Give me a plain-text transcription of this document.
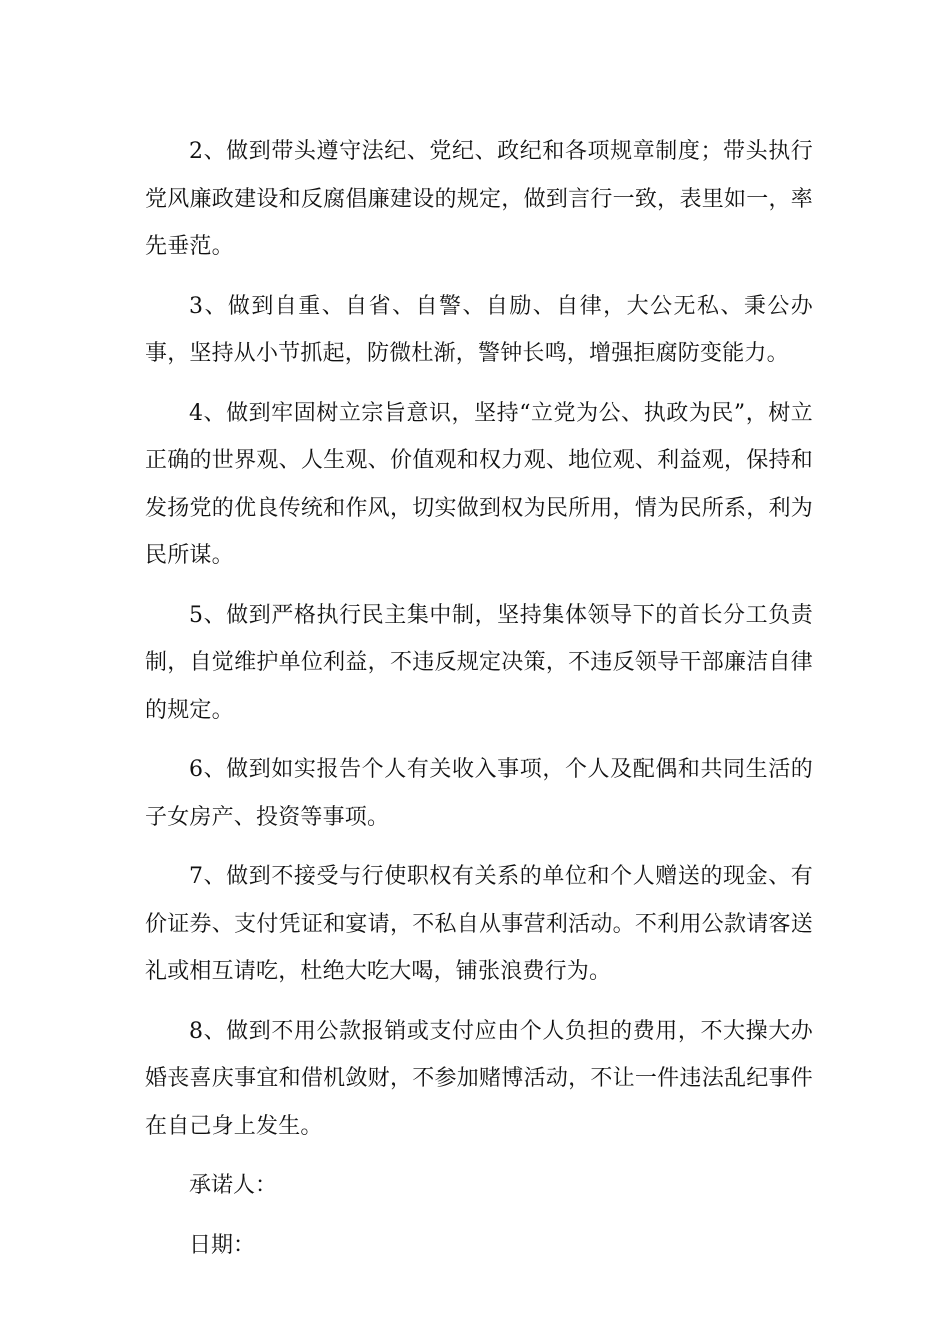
2、做到带头遵守法纪、党纪、政纪和各项规章制度；带头执行党风廉政建设和反腐倡廉建设的规定，做到言行一致，表里如一，率先垂范。

3、做到自重、自省、自警、自励、自律，大公无私、秉公办事，坚持从小节抓起，防微杜渐，警钟长鸣，增强拒腐防变能力。

4、做到牢固树立宗旨意识，坚持“立党为公、执政为民”，树立正确的世界观、人生观、价值观和权力观、地位观、利益观，保持和发扬党的优良传统和作风，切实做到权为民所用，情为民所系，利为民所谋。

5、做到严格执行民主集中制，坚持集体领导下的首长分工负责制，自觉维护单位利益，不违反规定决策，不违反领导干部廉洁自律的规定。

6、做到如实报告个人有关收入事项，个人及配偶和共同生活的子女房产、投资等事项。

7、做到不接受与行使职权有关系的单位和个人赠送的现金、有价证券、支付凭证和宴请，不私自从事营利活动。不利用公款请客送礼或相互请吃，杜绝大吃大喝，铺张浪费行为。

8、做到不用公款报销或支付应由个人负担的费用，不大操大办婚丧喜庆事宜和借机敛财，不参加赌博活动，不让一件违法乱纪事件在自己身上发生。

承诺人：

日期：
